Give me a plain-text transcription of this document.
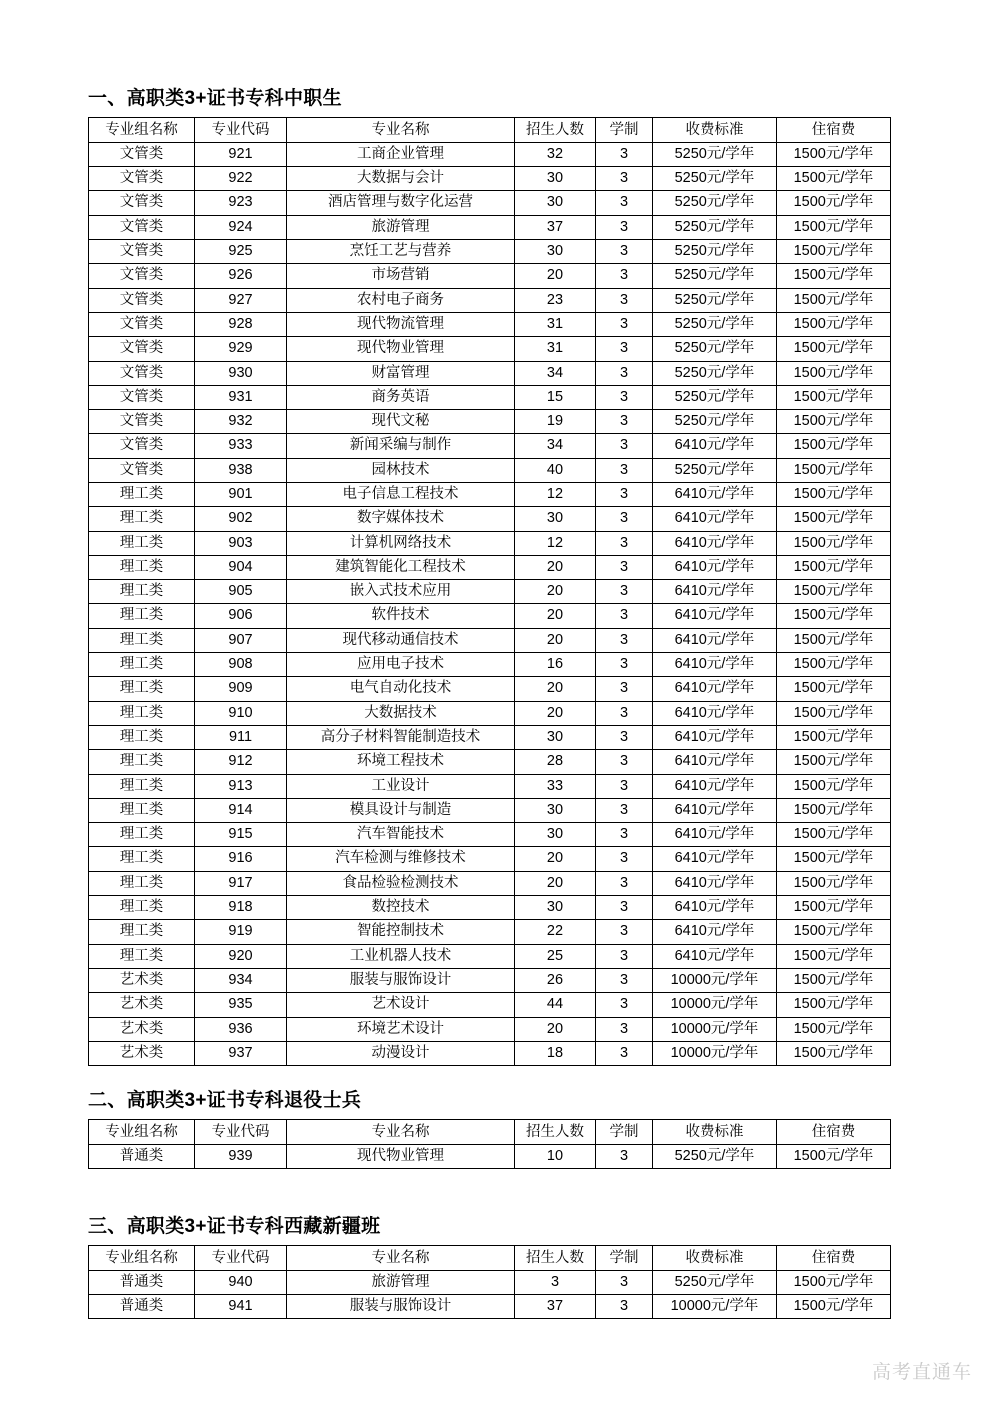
一、高职类3+证书专科中职生
专业组名称	专业代码	专业名称	招生人数	学制	收费标准	住宿费
文管类	921	工商企业管理	32	3	5250元/学年	1500元/学年
文管类	922	大数据与会计	30	3	5250元/学年	1500元/学年
文管类	923	酒店管理与数字化运营	30	3	5250元/学年	1500元/学年
文管类	924	旅游管理	37	3	5250元/学年	1500元/学年
文管类	925	烹饪工艺与营养	30	3	5250元/学年	1500元/学年
文管类	926	市场营销	20	3	5250元/学年	1500元/学年
文管类	927	农村电子商务	23	3	5250元/学年	1500元/学年
文管类	928	现代物流管理	31	3	5250元/学年	1500元/学年
文管类	929	现代物业管理	31	3	5250元/学年	1500元/学年
文管类	930	财富管理	34	3	5250元/学年	1500元/学年
文管类	931	商务英语	15	3	5250元/学年	1500元/学年
文管类	932	现代文秘	19	3	5250元/学年	1500元/学年
文管类	933	新闻采编与制作	34	3	6410元/学年	1500元/学年
文管类	938	园林技术	40	3	5250元/学年	1500元/学年
理工类	901	电子信息工程技术	12	3	6410元/学年	1500元/学年
理工类	902	数字媒体技术	30	3	6410元/学年	1500元/学年
理工类	903	计算机网络技术	12	3	6410元/学年	1500元/学年
理工类	904	建筑智能化工程技术	20	3	6410元/学年	1500元/学年
理工类	905	嵌入式技术应用	20	3	6410元/学年	1500元/学年
理工类	906	软件技术	20	3	6410元/学年	1500元/学年
理工类	907	现代移动通信技术	20	3	6410元/学年	1500元/学年
理工类	908	应用电子技术	16	3	6410元/学年	1500元/学年
理工类	909	电气自动化技术	20	3	6410元/学年	1500元/学年
理工类	910	大数据技术	20	3	6410元/学年	1500元/学年
理工类	911	高分子材料智能制造技术	30	3	6410元/学年	1500元/学年
理工类	912	环境工程技术	28	3	6410元/学年	1500元/学年
理工类	913	工业设计	33	3	6410元/学年	1500元/学年
理工类	914	模具设计与制造	30	3	6410元/学年	1500元/学年
理工类	915	汽车智能技术	30	3	6410元/学年	1500元/学年
理工类	916	汽车检测与维修技术	20	3	6410元/学年	1500元/学年
理工类	917	食品检验检测技术	20	3	6410元/学年	1500元/学年
理工类	918	数控技术	30	3	6410元/学年	1500元/学年
理工类	919	智能控制技术	22	3	6410元/学年	1500元/学年
理工类	920	工业机器人技术	25	3	6410元/学年	1500元/学年
艺术类	934	服装与服饰设计	26	3	10000元/学年	1500元/学年
艺术类	935	艺术设计	44	3	10000元/学年	1500元/学年
艺术类	936	环境艺术设计	20	3	10000元/学年	1500元/学年
艺术类	937	动漫设计	18	3	10000元/学年	1500元/学年
二、高职类3+证书专科退役士兵
专业组名称	专业代码	专业名称	招生人数	学制	收费标准	住宿费
普通类	939	现代物业管理	10	3	5250元/学年	1500元/学年
三、高职类3+证书专科西藏新疆班
专业组名称	专业代码	专业名称	招生人数	学制	收费标准	住宿费
普通类	940	旅游管理	3	3	5250元/学年	1500元/学年
普通类	941	服装与服饰设计	37	3	10000元/学年	1500元/学年
高考直通车
